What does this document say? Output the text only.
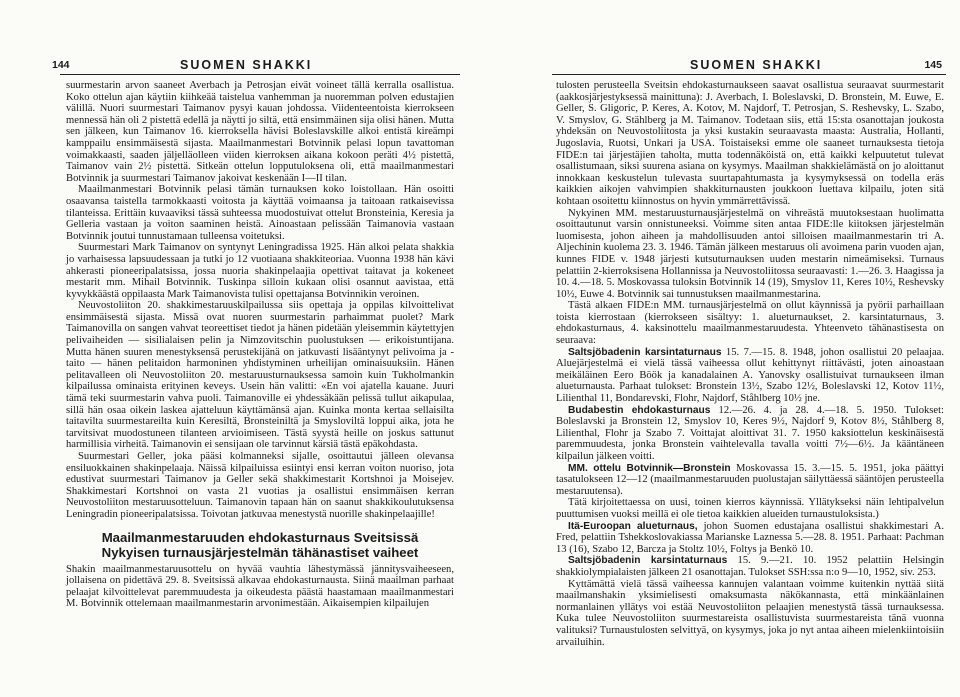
144	SUOMEN SHAKKI

suurmestarin arvon saaneet Averbach ja Petrosjan eivät voineet tällä kerralla osallistua. Koko ottelun ajan käytiin kiihkeää taistelua vanhemman ja nuoremman polven edustajien välillä. Nuori suurmestari Taimanov pysyi kauan johdossa. Viidenteentoista kierrokseen mennessä hän oli 2 pistettä edellä ja näytti jo siltä, että ensimmäinen sija olisi hänen. Mutta sen jälkeen, kun Taimanov 16. kierroksella hävisi Boleslavskille alkoi entistä kireämpi kamppailu ensimmäisestä sijasta. Maailmanmestari Botvinnik pelasi lopun tavattoman voimakkaasti, saaden jäljelläolleen viiden kierroksen aikana kokoon peräti 4½ pistettä, Taimanov vain 2½ pistettä. Sitkeän ottelun lopputuloksena oli, että maailmanmestari Botvinnik ja suurmestari Taimanov jakoivat keskenään I—II tilan.

Maailmanmestari Botvinnik pelasi tämän turnauksen koko loistollaan. Hän osoitti osaavansa taistella tarmokkaasti voitosta ja käyttää voimaansa ja taitoaan ratkaisevissa tilanteissa. Erittäin kuvaaviksi tässä suhteessa muodostuivat ottelut Bronsteinia, Keresia ja Gelleria vastaan ja voiton saaminen heistä. Ainoastaan pelissään Taimanovia vastaan Botvinnik joutui tunnustamaan tulleensa voitetuksi.

Suurmestari Mark Taimanov on syntynyt Leningradissa 1925. Hän alkoi pelata shakkia jo varhaisessa lapsuudessaan ja tutki jo 12 vuotiaana shakkiteoriaa. Vuonna 1938 hän kävi ahkerasti pioneeripalatsissa, jossa nuoria shakinpelaajia opettivat taitavat ja kokeneet mestarit mm. Mihail Botvinnik. Tuskinpa silloin kukaan olisi osannut aavistaa, että kyvykkäästä oppilaasta Mark Taimanovista tulisi opettajansa Botvinnikin veroinen.

Neuvostoliiton 20. shakkimestaruuskilpailussa siis opettaja ja oppilas kilvoittelivat ensimmäisestä sijasta. Missä ovat nuoren suurmestarin parhaimmat puolet? Mark Taimanovilla on sangen vahvat teoreettiset tiedot ja hänen pidetään yleisemmin käytettyjen pelivaiheiden — sisilialaisen pelin ja Nimzovitschin puolustuksen — erikoistuntijana. Mutta hänen suuren menestyksensä perustekijänä on jatkuvasti lisääntynyt pelivoima ja -taito — hänen pelitaidon harmoninen yhdistyminen urheilijan ominaisuuksiin. Hänen pelitavalleen oli Neuvostoliiton 20. mestaruusturnauksessa samoin kuin Tukholmankin kilpailussa ominaista erityinen keveys. Usein hän valitti: «En voi ajatella kauane. Juuri tämä teki suurmestarin vahva puoli. Taimanoville ei yhdessäkään pelissä tullut aikapulaa, sillä hän osaa oikein laskea ajatteluun käyttämänsä ajan. Kuinka monta kertaa sellaisilta taitavilta suurmestareilta kuin Keresiltä, Bronsteiniltä ja Smysloviltä loppui aika, jota he tarvitsivat muodostuneen tilanteen arvioimiseen. Tästä syystä heille on joskus sattunut harmillisia virheitä. Taimanovin ei sensijaan ole tarvinnut kärsiä tästä epäkohdasta.

Suurmestari Geller, joka pääsi kolmanneksi sijalle, osoittautui jälleen olevansa ensiluokkainen shakinpelaaja. Näissä kilpailuissa esiintyi ensi kerran voiton nuoriso, jota edustivat suurmestari Taimanov ja Geller sekä shakkimestarit Kortshnoi ja Moisejev. Shakkimestari Kortshnoi on vasta 21 vuotias ja osallistui ensimmäisen kerran Neuvostoliiton mestaruusotteluun. Taimanovin tapaan hän on saanut shakkikoulutuksensa Leningradin pioneeripalatsissa. Toivotan jatkuvaa menestystä nuorille shakinpelaajille!

Maailmanmestaruuden ehdokasturnaus Sveitsissä
Nykyisen turnausjärjestelmän tähänastiset vaiheet

Shakin maailmanmestaruusottelu on hyvää vauhtia lähestymässä jännitysvaiheeseen, jollaisena on pidettävä 29. 8. Sveitsissä alkavaa ehdokasturnausta. Siinä maailman parhaat pelaajat kilvoittelevat paremmuudesta ja oikeudesta päästä haastamaan maailmanmestari M. Botvinnik ottelemaan maailmanmestarin arvonimestään. Aikaisempien kilpailujen

SUOMEN SHAKKI	145

tulosten perusteella Sveitsin ehdokasturnaukseen saavat osallistua seuraavat suurmestarit (aakkosjärjestyksessä mainittuna): J. Averbach, I. Boleslavski, D. Bronstein, M. Euwe, E. Geller, S. Gligoric, P. Keres, A. Kotov, M. Najdorf, T. Petrosjan, S. Reshevsky, L. Szabo, V. Smyslov, G. Stählberg ja M. Taimanov. Todetaan siis, että 15:sta osanottajan joukosta yhdeksän on Neuvostoliitosta ja yksi kustakin seuraavasta maasta: Australia, Hollanti, Jugoslavia, Ruotsi, Unkari ja USA. Toistaiseksi emme ole saaneet turnauksesta tietoja FIDE:n tai järjestäjien taholta, mutta todennäköistä on, että kaikki kelpuutetut tulevat osallistumaan, siksi suurena asiana on kysymys. Maailman shakkielämästä on jo aloittanut innokkaan keskustelun tulevasta suurtapahtumasta ja kysymyksessä on todella eräs kaikkien aikojen vahvimpien shakkiturnausten joukkoon luettava kilpailu, joten sitä kohtaan osoitettu kiinnostus on hyvin ymmärrettävissä.

Nykyinen MM. mestaruusturnausjärjestelmä on vihreästä muutoksestaan huolimatta osoittautunut varsin onnistuneeksi. Voimme siten antaa FIDE:lle kiitoksen järjestelmän luomisesta, johon aiheen ja mahdollisuuden antoi silloisen maailmanmestarin tri A. Aljechinin kuolema 23. 3. 1946. Tämän jälkeen mestaruus oli avoimena parin vuoden ajan, kunnes FIDE v. 1948 järjesti kutsuturnauksen uuden mestarin nimeämiseksi. Turnaus pelattiin 2-kierroksisena Hollannissa ja Neuvostoliitossa seuraavasti: 1.—26. 3. Haagissa ja 10. 4.—18. 5. Moskovassa tuloksin Botvinnik 14 (19), Smyslov 11, Keres 10½, Reshevsky 10½, Euwe 4. Botvinnik sai tunnustuksen maailmanmestarina.

Tästä alkaen FIDE:n MM. turnausjärjestelmä on ollut käynnissä ja pyörii parhaillaan toista kierrostaan (kierrokseen sisältyy: 1. alueturnaukset, 2. karsintaturnaus, 3. ehdokasturnaus, 4. kaksinottelu maailmanmestaruudesta. Yhteenveto tähänastisesta on seuraava:

Saltsjöbadenin karsintaturnaus 15. 7.—15. 8. 1948, johon osallistui 20 pelaajaa. Aluejärjestelmä ei vielä tässä vaiheessa ollut kehittynyt riittävästi, joten ainoastaan meikäläinen Eero Böök ja kanadalainen A. Yanovsky osallistuivat turnaukseen ilman alueturnausta. Parhaat tulokset: Bronstein 13½, Szabo 12½, Boleslavski 12, Kotov 11½, Lilienthal 11, Bondarevski, Flohr, Najdorf, Ståhlberg 10½ jne.

Budabestin ehdokasturnaus 12.—26. 4. ja 28. 4.—18. 5. 1950. Tulokset: Boleslavski ja Bronstein 12, Smyslov 10, Keres 9½, Najdorf 9, Kotov 8½, Ståhlberg 8, Lilienthal, Flohr ja Szabo 7. Voittajat aloittivat 31. 7. 1950 kaksiottelun keskinäisestä paremmuudesta, jonka Bronstein vaihtelevalla tavalla voitti 7½—6½. Ja kääntäneen kilpailun jälkeen voitti.

MM. ottelu Botvinnik—Bronstein Moskovassa 15. 3.—15. 5. 1951, joka päättyi tasatulokseen 12—12 (maailmanmestaruuden puolustajan säilyttäessä sääntöjen perusteella mestaruutensa).

Tätä kirjoitettaessa on uusi, toinen kierros käynnissä. Yllätykseksi näin lehtipalvelun puuttumisen vuoksi meillä ei ole tietoa kaikkien alueiden turnaustuloksista.)

Itä-Euroopan alueturnaus, johon Suomen edustajana osallistui shakkimestari A. Fred, pelattiin Tshekkoslovakiassa Marianske Laznessa 5.—28. 8. 1951. Parhaat: Pachman 13 (16), Szabo 12, Barcza ja Stoltz 10½, Foltys ja Benkö 10.

Saltsjöbadenin karsintaturnaus 15. 9.—21. 10. 1952 pelattiin Helsingin shakkiolympialaisten jälkeen 21 osanottajan. Tulokset SSH:ssa n:o 9—10, 1952, siv. 253.

Kyttämättä vielä tässä vaiheessa kannujen valantaan voimme kuitenkin nyttää siitä maailmanshakin yksimielisesti omaksumasta näkökannasta, että minkäänlainen normanlainen yllätys voi estää Neuvostoliiton pelaajien menestystä tässä turnauksessa. Kuka tulee Neuvostoliiton suurmestareista osallistuvista suurmestareista tänä vuonna valituksi? Turnaustulosten selvittyä, on kysymys, joka jo nyt antaa aiheen mielenkiintoisiin arvailuihin.
